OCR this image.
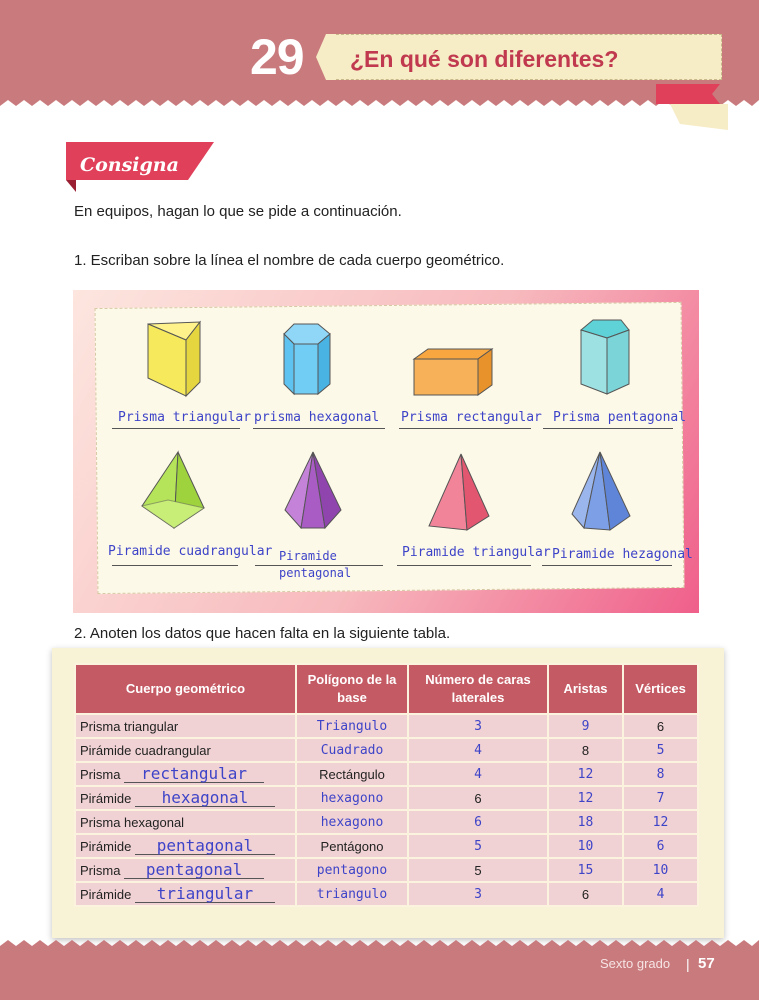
29 ¿En qué son diferentes?
Consigna
En equipos, hagan lo que se pide a continuación.
1. Escriban sobre la línea el nombre de cada cuerpo geométrico.
Prisma triangular prisma hexagonal Prisma rectangular Prisma pentagonal
Piramide cuadrangular Piramide
pentagonal
Piramide triangular Piramide hezagonal
2. Anoten los datos que hacen falta en la siguiente tabla.
Cuerpo geométrico	Polígono de la base	Número de caras laterales	Aristas	Vértices
Prisma triangular	Triangulo	3	9	6
Pirámide cuadrangular	Cuadrado	4	8	5
Prisma rectangular	Rectángulo	4	12	8
Pirámide hexagonal	hexagono	6	12	7
Prisma hexagonal	hexagono	6	18	12
Pirámide pentagonal	Pentágono	5	10	6
Prisma pentagonal	pentagono	5	15	10
Pirámide triangular	triangulo	3	6	4
Sexto grado | 57
